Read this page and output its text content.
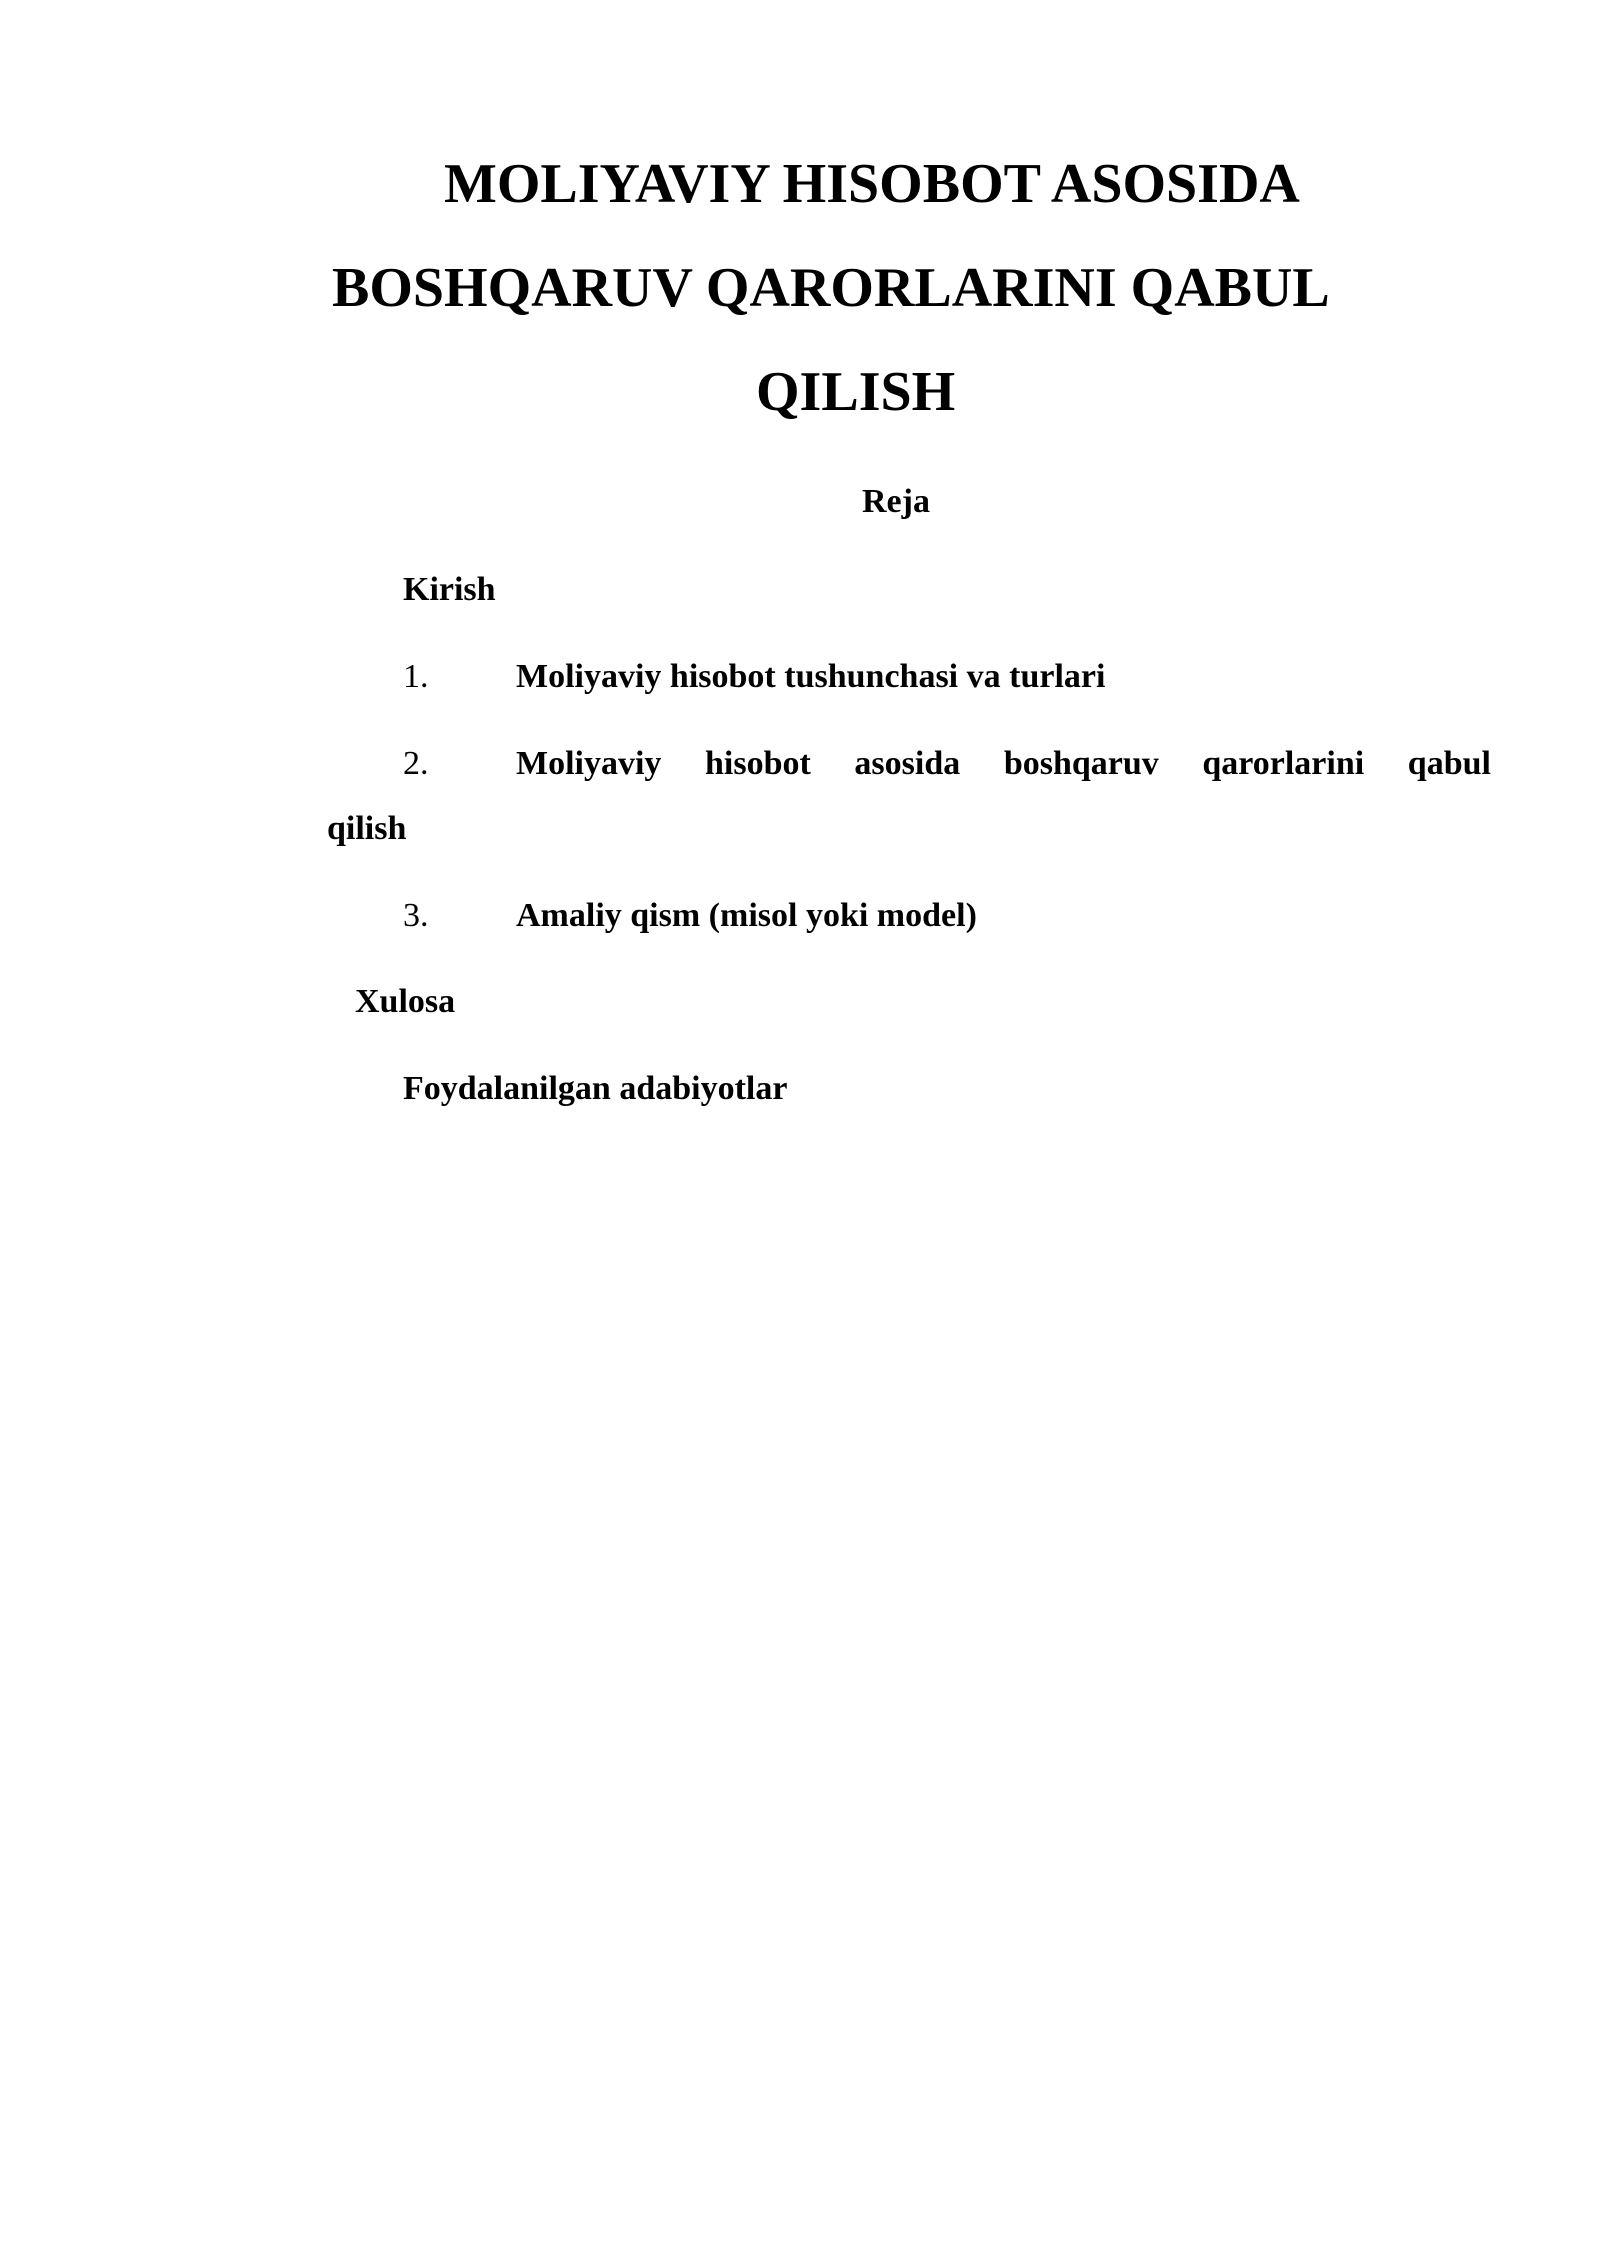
MOLIYAVIY HISOBOT ASOSIDA
BOSHQARUV QARORLARINI QABUL
QILISH
Reja
Kirish
1.	Moliyaviy hisobot tushunchasi va turlari
2.	Moliyaviy hisobot asosida boshqaruv qarorlarini qabul
qilish
3.	Amaliy qism (misol yoki model)
Xulosa
Foydalanilgan adabiyotlar
